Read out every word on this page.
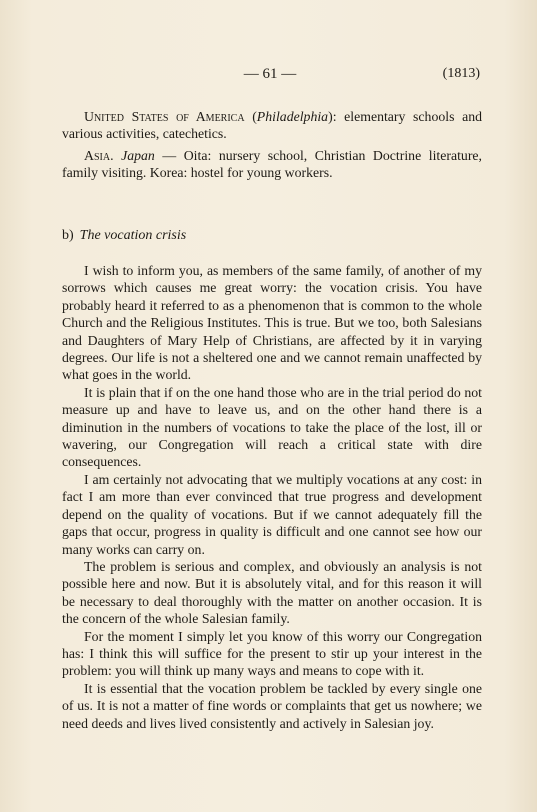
— 61 —	(1813)

United States of America (Philadelphia): elementary schools and various activities, catechetics.

Asia. Japan — Oita: nursery school, Christian Doctrine literature, family visiting. Korea: hostel for young workers.

b) The vocation crisis

I wish to inform you, as members of the same family, of another of my sorrows which causes me great worry: the vocation crisis. You have probably heard it referred to as a phenomenon that is common to the whole Church and the Religious Institutes. This is true. But we too, both Salesians and Daughters of Mary Help of Christians, are affected by it in varying degrees. Our life is not a sheltered one and we cannot remain unaffected by what goes in the world.

It is plain that if on the one hand those who are in the trial period do not measure up and have to leave us, and on the other hand there is a diminution in the numbers of vocations to take the place of the lost, ill or wavering, our Congregation will reach a critical state with dire consequences.

I am certainly not advocating that we multiply vocations at any cost: in fact I am more than ever convinced that true progress and development depend on the quality of vocations. But if we cannot adequately fill the gaps that occur, progress in quality is difficult and one cannot see how our many works can carry on.

The problem is serious and complex, and obviously an analysis is not possible here and now. But it is absolutely vital, and for this reason it will be necessary to deal thoroughly with the matter on another occasion. It is the concern of the whole Salesian family.

For the moment I simply let you know of this worry our Congregation has: I think this will suffice for the present to stir up your interest in the problem: you will think up many ways and means to cope with it.

It is essential that the vocation problem be tackled by every single one of us. It is not a matter of fine words or complaints that get us nowhere; we need deeds and lives lived consistently and actively in Salesian joy.
